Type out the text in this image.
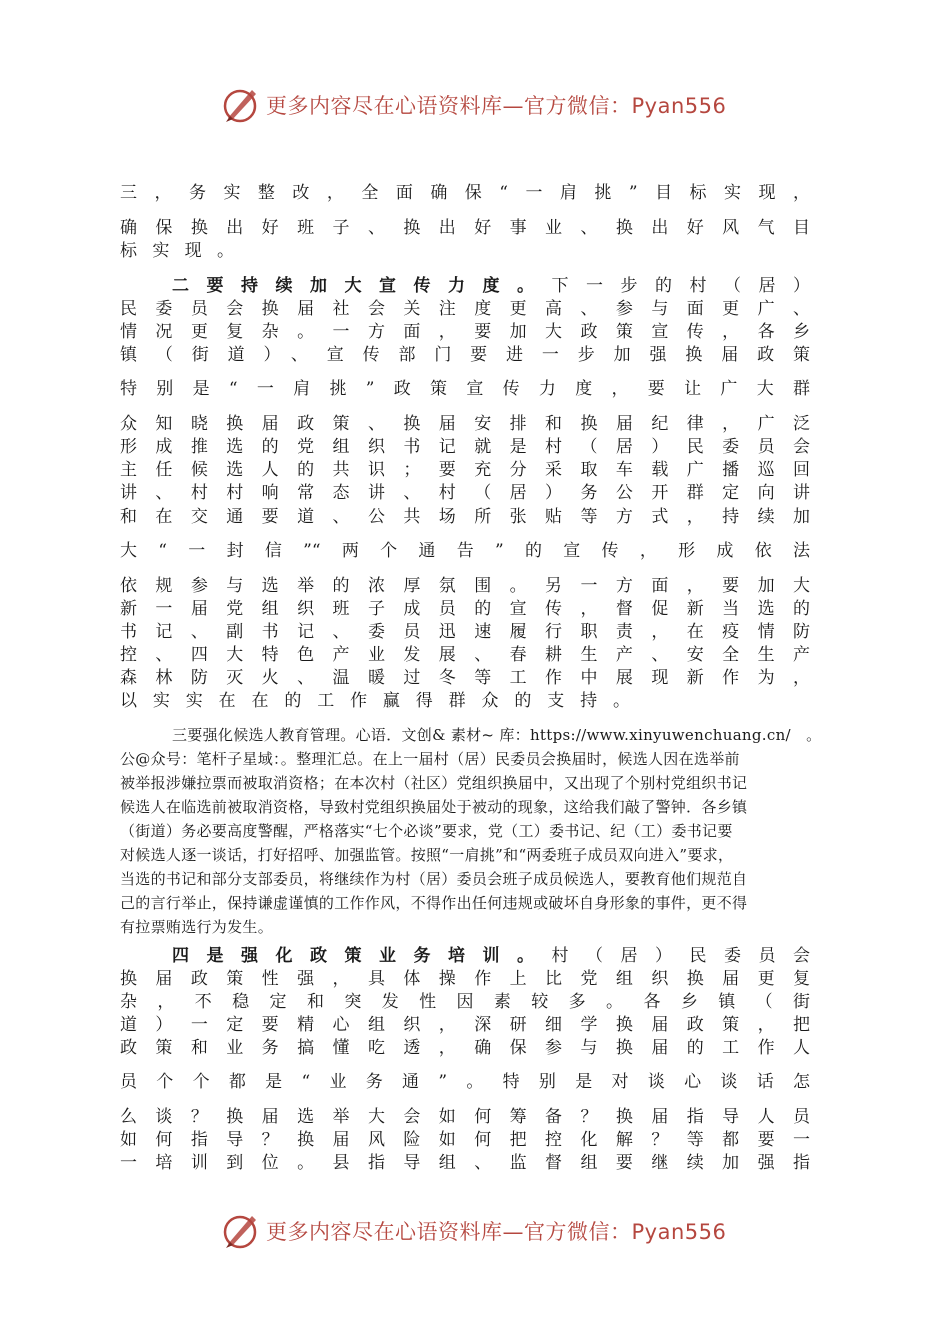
更多内容尽在心语资料库—官方微信：Pyan556
三，务实整改，全面确保“一肩挑”目标实现，
确保换出好班子、换出好事业、换出好风气目
标实现。
二要持续加大宣传力度。下一步的村（居）
民委员会换届社会关注度更高、参与面更广、
情况更复杂。一方面，要加大政策宣传，各乡
镇（街道）、宣传部门要进一步加强换届政策
特别是“一肩挑”政策宣传力度，要让广大群
众知晓换届政策、换届安排和换届纪律，广泛
形成推选的党组织书记就是村（居）民委员会
主任候选人的共识；要充分采取车载广播巡回
讲、村村响常态讲、村（居）务公开群定向讲
和在交通要道、公共场所张贴等方式，持续加
大“一封信”“两个通告”的宣传，形成依法
依规参与选举的浓厚氛围。另一方面，要加大
新一届党组织班子成员的宣传，督促新当选的
书记、副书记、委员迅速履行职责，在疫情防
控、四大特色产业发展、春耕生产、安全生产
森林防灭火、温暖过冬等工作中展现新作为，
以实实在在的工作赢得群众的支持。
三要强化候选人教育管理。心语．文创& 素材~ 库：https://www.xinyuwenchuang.cn/　。
公@众号：笔杆子星域：。整理汇总。在上一届村（居）民委员会换届时，候选人因在选举前
被举报涉嫌拉票而被取消资格；在本次村（社区）党组织换届中，又出现了个别村党组织书记
候选人在临选前被取消资格，导致村党组织换届处于被动的现象，这给我们敲了警钟．各乡镇
（街道）务必要高度警醒，严格落实“七个必谈”要求，党（工）委书记、纪（工）委书记要
对候选人逐一谈话，打好招呼、加强监管。按照“一肩挑”和“两委班子成员双向进入”要求，
当选的书记和部分支部委员，将继续作为村（居）委员会班子成员候选人，要教育他们规范自
己的言行举止，保持谦虚谨慎的工作作风，不得作出任何违规或破坏自身形象的事件，更不得
有拉票贿选行为发生。
四是强化政策业务培训。村（居）民委员会
换届政策性强，具体操作上比党组织换届更复
杂，不稳定和突发性因素较多。各乡镇（街
道）一定要精心组织，深研细学换届政策，把
政策和业务搞懂吃透，确保参与换届的工作人
员个个都是“业务通”。特别是对谈心谈话怎
么谈？换届选举大会如何筹备？换届指导人员
如何指导？换届风险如何把控化解？等都要一
一培训到位。县指导组、监督组要继续加强指
更多内容尽在心语资料库—官方微信：Pyan556
